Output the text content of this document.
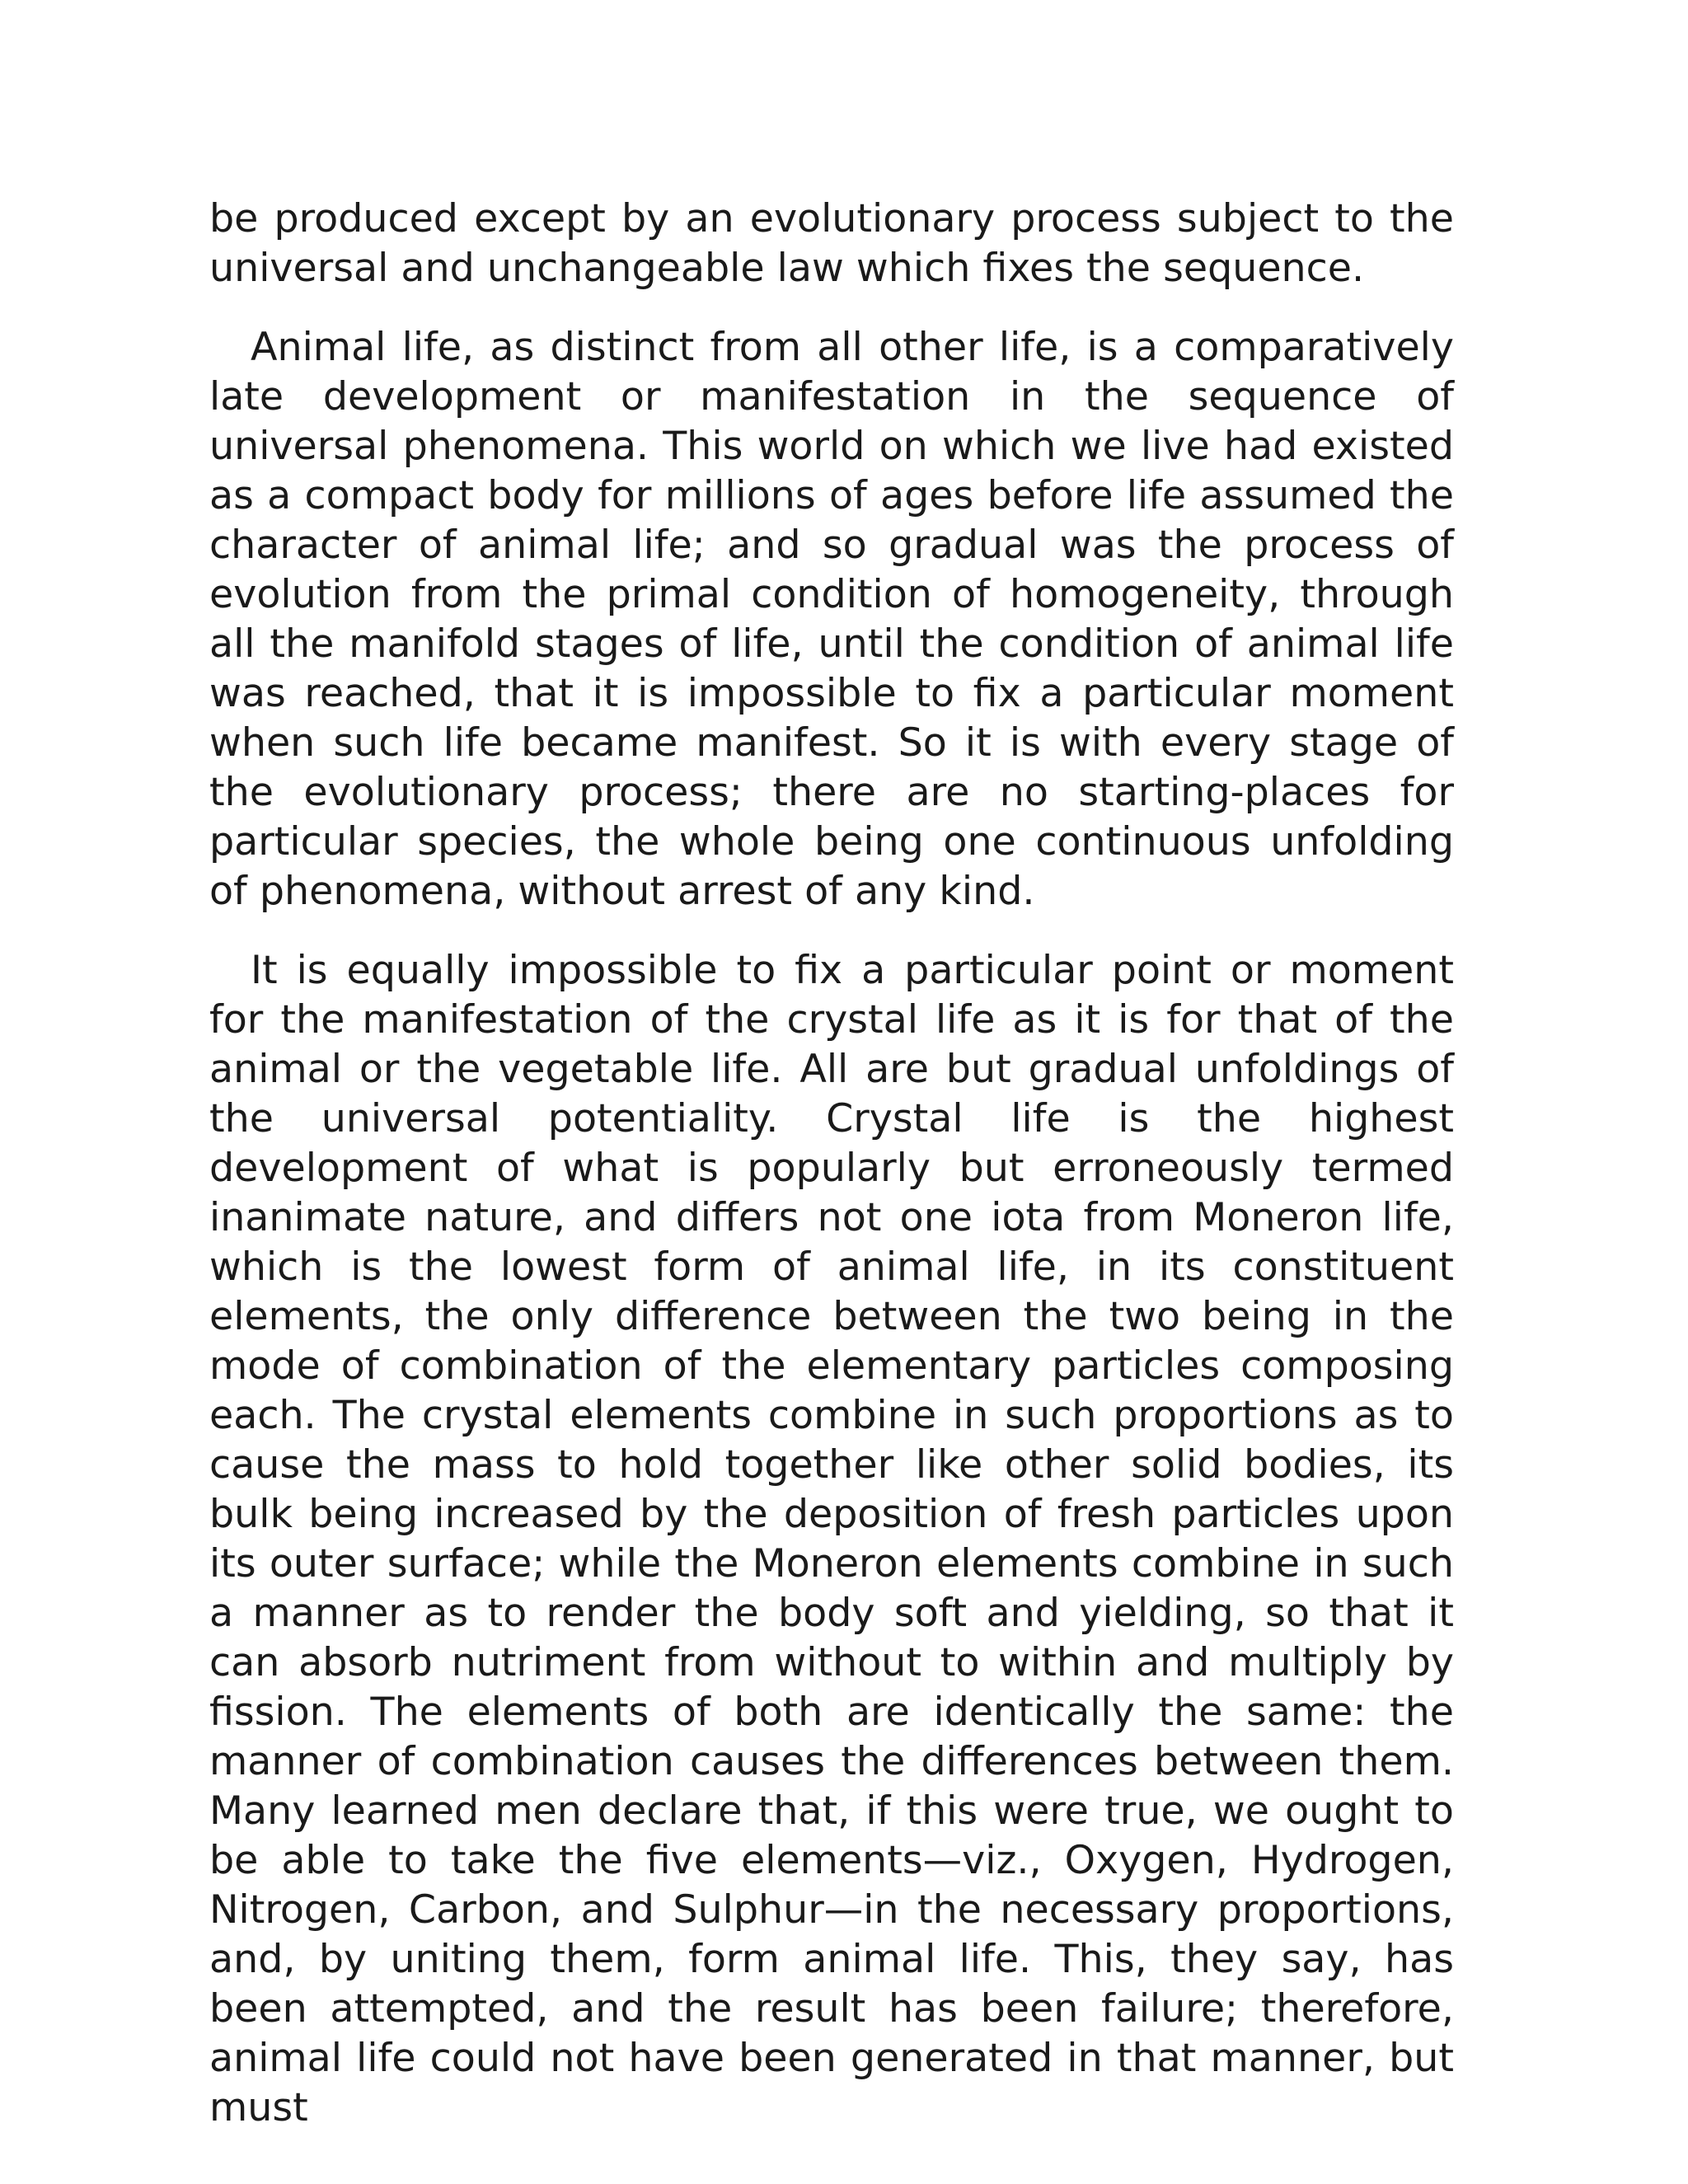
be produced except by an evolutionary process subject to the universal and unchangeable law which fixes the sequence.

Animal life, as distinct from all other life, is a comparatively late development or manifestation in the sequence of universal phenomena. This world on which we live had existed as a compact body for millions of ages before life assumed the character of animal life; and so gradual was the process of evolution from the primal condition of homogeneity, through all the manifold stages of life, until the condition of animal life was reached, that it is impossible to fix a particular moment when such life became manifest. So it is with every stage of the evolutionary process; there are no starting-places for particular species, the whole being one continuous unfolding of phenomena, without arrest of any kind.

It is equally impossible to fix a particular point or moment for the manifestation of the crystal life as it is for that of the animal or the vegetable life. All are but gradual unfoldings of the universal potentiality. Crystal life is the highest development of what is popularly but erroneously termed inanimate nature, and differs not one iota from Moneron life, which is the lowest form of animal life, in its constituent elements, the only difference between the two being in the mode of combination of the elementary particles composing each. The crystal elements combine in such proportions as to cause the mass to hold together like other solid bodies, its bulk being increased by the deposition of fresh particles upon its outer surface; while the Moneron elements combine in such a manner as to render the body soft and yielding, so that it can absorb nutriment from without to within and multiply by fission. The elements of both are identically the same: the manner of combination causes the differences between them. Many learned men declare that, if this were true, we ought to be able to take the five elements—viz., Oxygen, Hydrogen, Nitrogen, Carbon, and Sulphur—in the necessary proportions, and, by uniting them, form animal life. This, they say, has been attempted, and the result has been failure; therefore, animal life could not have been generated in that manner, but must
